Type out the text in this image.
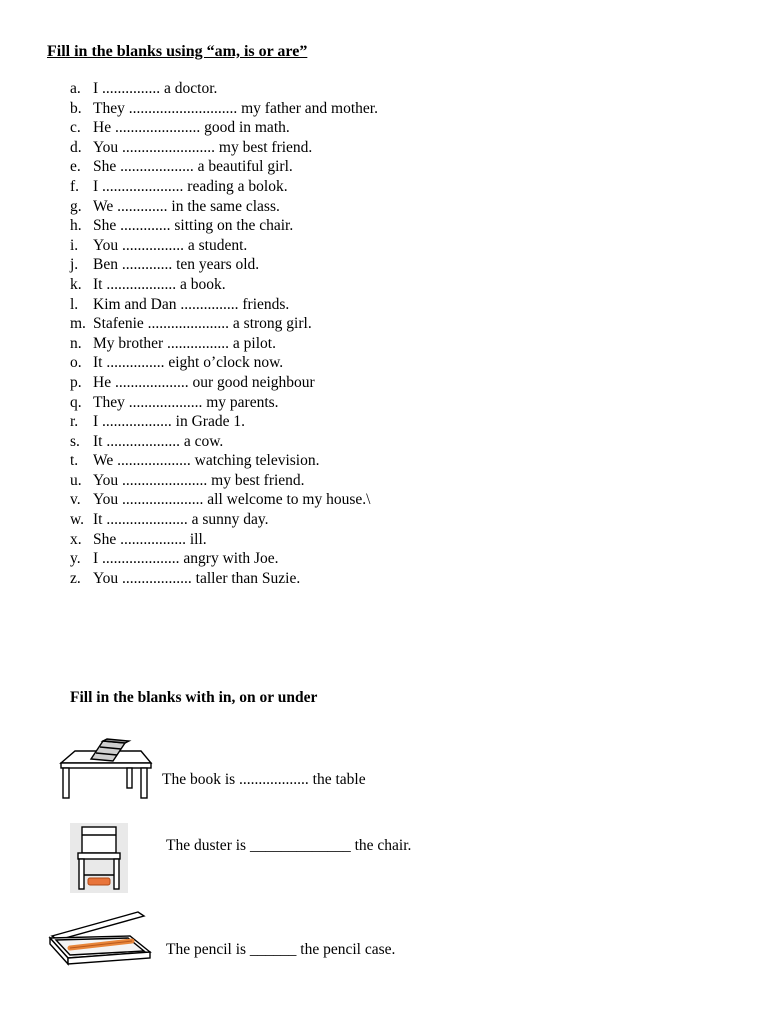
Fill in the blanks using “am, is or are”
a. I ............... a doctor.
b. They ............................ my father and mother.
c. He ...................... good in math.
d. You ........................ my best friend.
e. She ................... a beautiful girl.
f. I ..................... reading a bolok.
g. We ............. in the same class.
h. She ............. sitting on the chair.
i. You ................ a student.
j. Ben ............. ten years old.
k. It .................. a book.
l. Kim and Dan ............... friends.
m. Stafenie ..................... a strong girl.
n. My brother ................ a pilot.
o. It ............... eight o’clock now.
p. He ................... our good neighbour
q. They ................... my parents.
r. I .................. in Grade 1.
s. It ................... a cow.
t. We ................... watching television.
u. You ...................... my best friend.
v. You ..................... all welcome to my house.\
w. It ..................... a sunny day.
x. She ................. ill.
y. I .................... angry with Joe.
z. You .................. taller than Suzie.
Fill in the blanks with in, on or under
The book is .................. the table
The duster is _____________ the chair.
The pencil is ______ the pencil case.
